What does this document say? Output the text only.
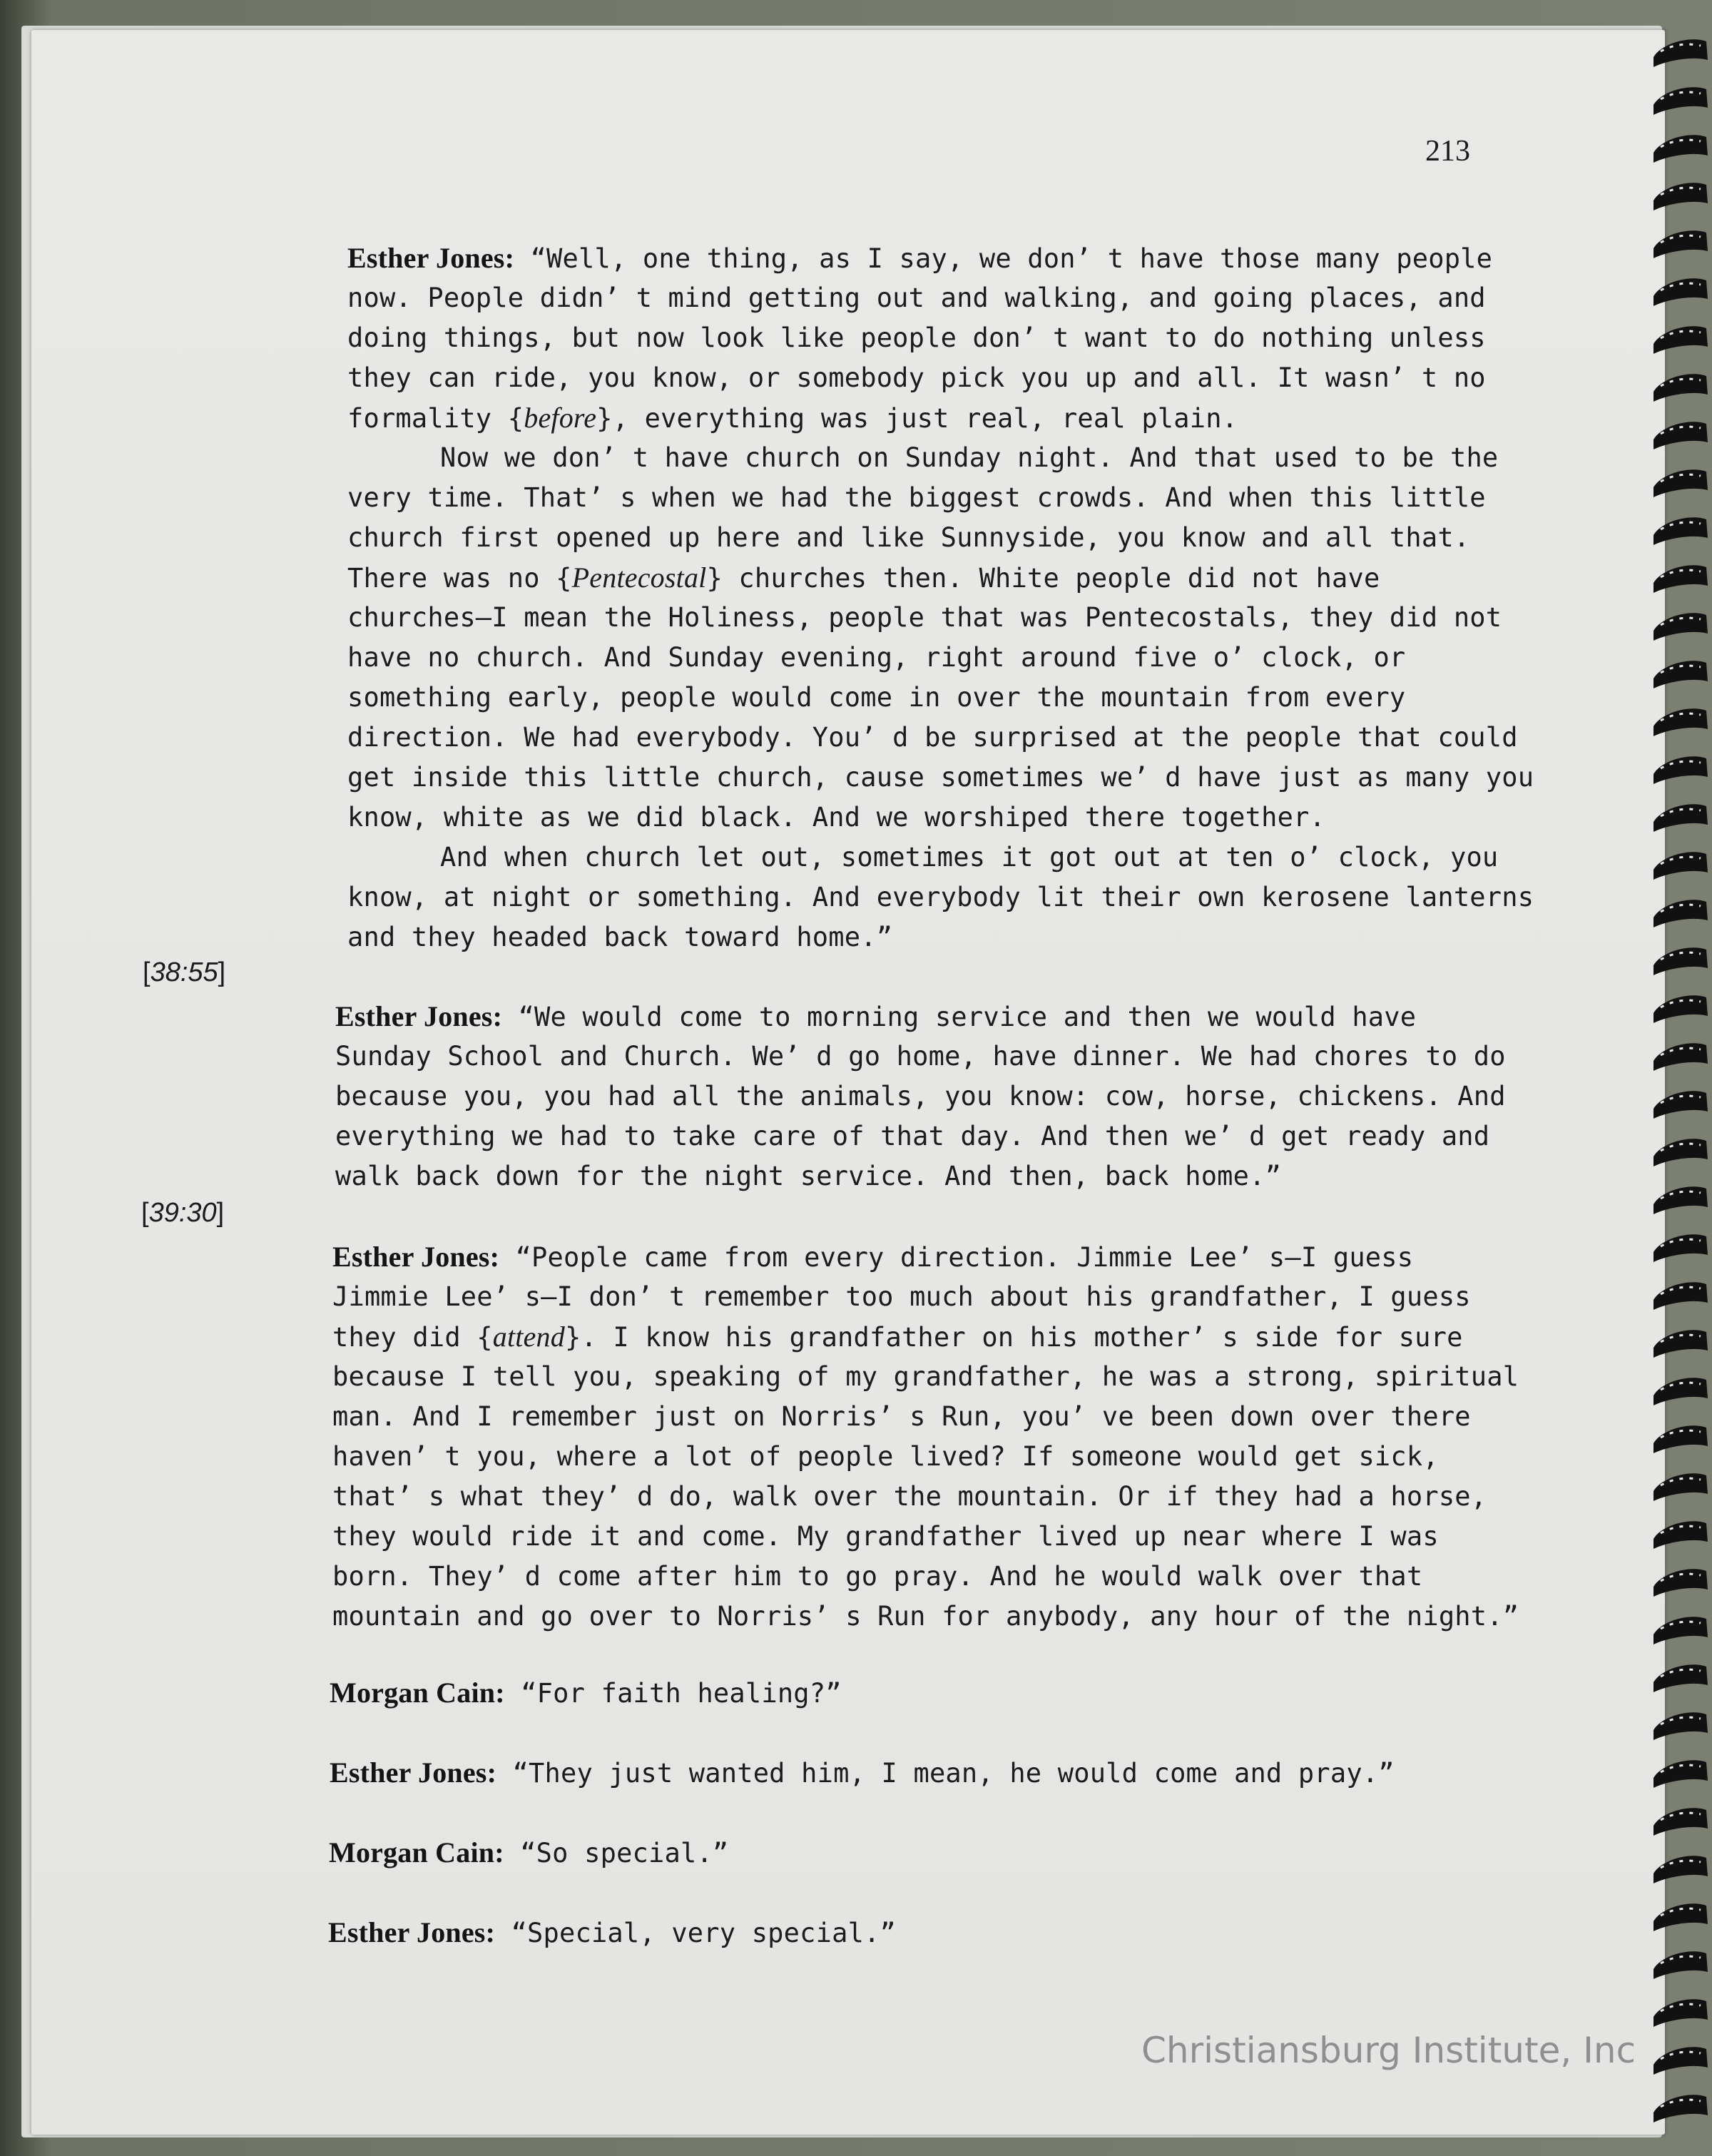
213
Esther Jones: “Well, one thing, as I say, we don’ t have those many people
now. People didn’ t mind getting out and walking, and going places, and
doing things, but now look like people don’ t want to do nothing unless
they can ride, you know, or somebody pick you up and all. It wasn’ t no
formality {before}, everything was just real, real plain.
Now we don’ t have church on Sunday night. And that used to be the
very time. That’ s when we had the biggest crowds. And when this little
church first opened up here and like Sunnyside, you know and all that.
There was no {Pentecostal} churches then. White people did not have
churches—I mean the Holiness, people that was Pentecostals, they did not
have no church. And Sunday evening, right around five o’ clock, or
something early, people would come in over the mountain from every
direction. We had everybody. You’ d be surprised at the people that could
get inside this little church, cause sometimes we’ d have just as many you
know, white as we did black. And we worshiped there together.
And when church let out, sometimes it got out at ten o’ clock, you
know, at night or something. And everybody lit their own kerosene lanterns
and they headed back toward home.”
[38:55]
Esther Jones: “We would come to morning service and then we would have
Sunday School and Church. We’ d go home, have dinner. We had chores to do
because you, you had all the animals, you know: cow, horse, chickens. And
everything we had to take care of that day. And then we’ d get ready and
walk back down for the night service. And then, back home.”
[39:30]
Esther Jones: “People came from every direction. Jimmie Lee’ s—I guess
Jimmie Lee’ s—I don’ t remember too much about his grandfather, I guess
they did {attend}. I know his grandfather on his mother’ s side for sure
because I tell you, speaking of my grandfather, he was a strong, spiritual
man. And I remember just on Norris’ s Run, you’ ve been down over there
haven’ t you, where a lot of people lived? If someone would get sick,
that’ s what they’ d do, walk over the mountain. Or if they had a horse,
they would ride it and come. My grandfather lived up near where I was
born. They’ d come after him to go pray. And he would walk over that
mountain and go over to Norris’ s Run for anybody, any hour of the night.”
Morgan Cain: “For faith healing?”
Esther Jones: “They just wanted him, I mean, he would come and pray.”
Morgan Cain: “So special.”
Esther Jones: “Special, very special.”
Christiansburg Institute, Inc
